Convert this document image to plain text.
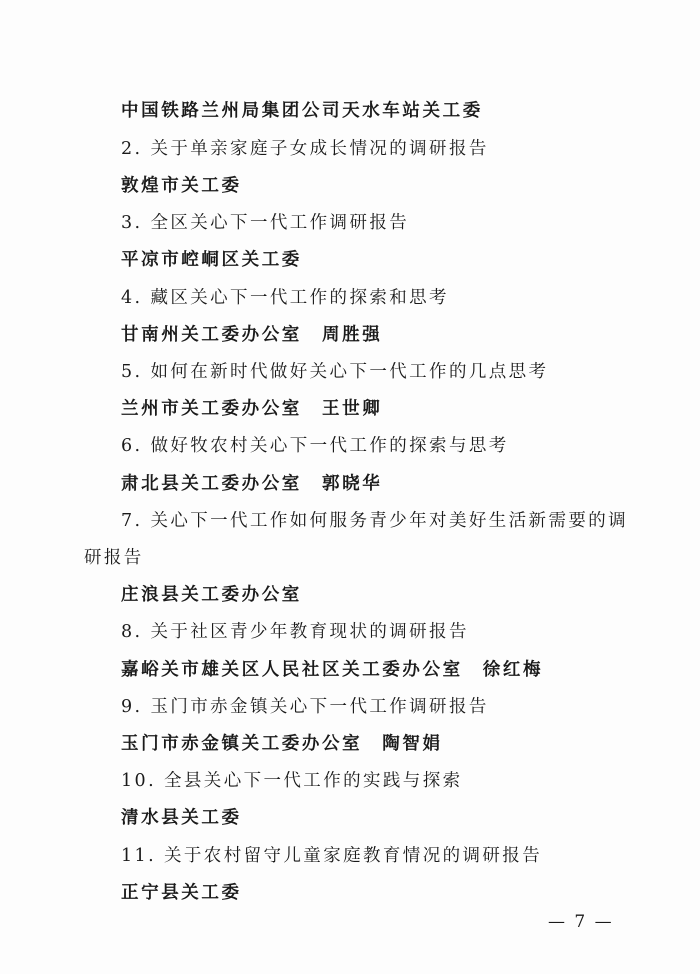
中国铁路兰州局集团公司天水车站关工委
2. 关于单亲家庭子女成长情况的调研报告
敦煌市关工委
3. 全区关心下一代工作调研报告
平凉市崆峒区关工委
4. 藏区关心下一代工作的探索和思考
甘南州关工委办公室　周胜强
5. 如何在新时代做好关心下一代工作的几点思考
兰州市关工委办公室　王世卿
6. 做好牧农村关心下一代工作的探索与思考
肃北县关工委办公室　郭晓华
7. 关心下一代工作如何服务青少年对美好生活新需要的调
研报告
庄浪县关工委办公室
8. 关于社区青少年教育现状的调研报告
嘉峪关市雄关区人民社区关工委办公室　徐红梅
9. 玉门市赤金镇关心下一代工作调研报告
玉门市赤金镇关工委办公室　陶智娟
10. 全县关心下一代工作的实践与探索
清水县关工委
11. 关于农村留守儿童家庭教育情况的调研报告
正宁县关工委
— 7 —
